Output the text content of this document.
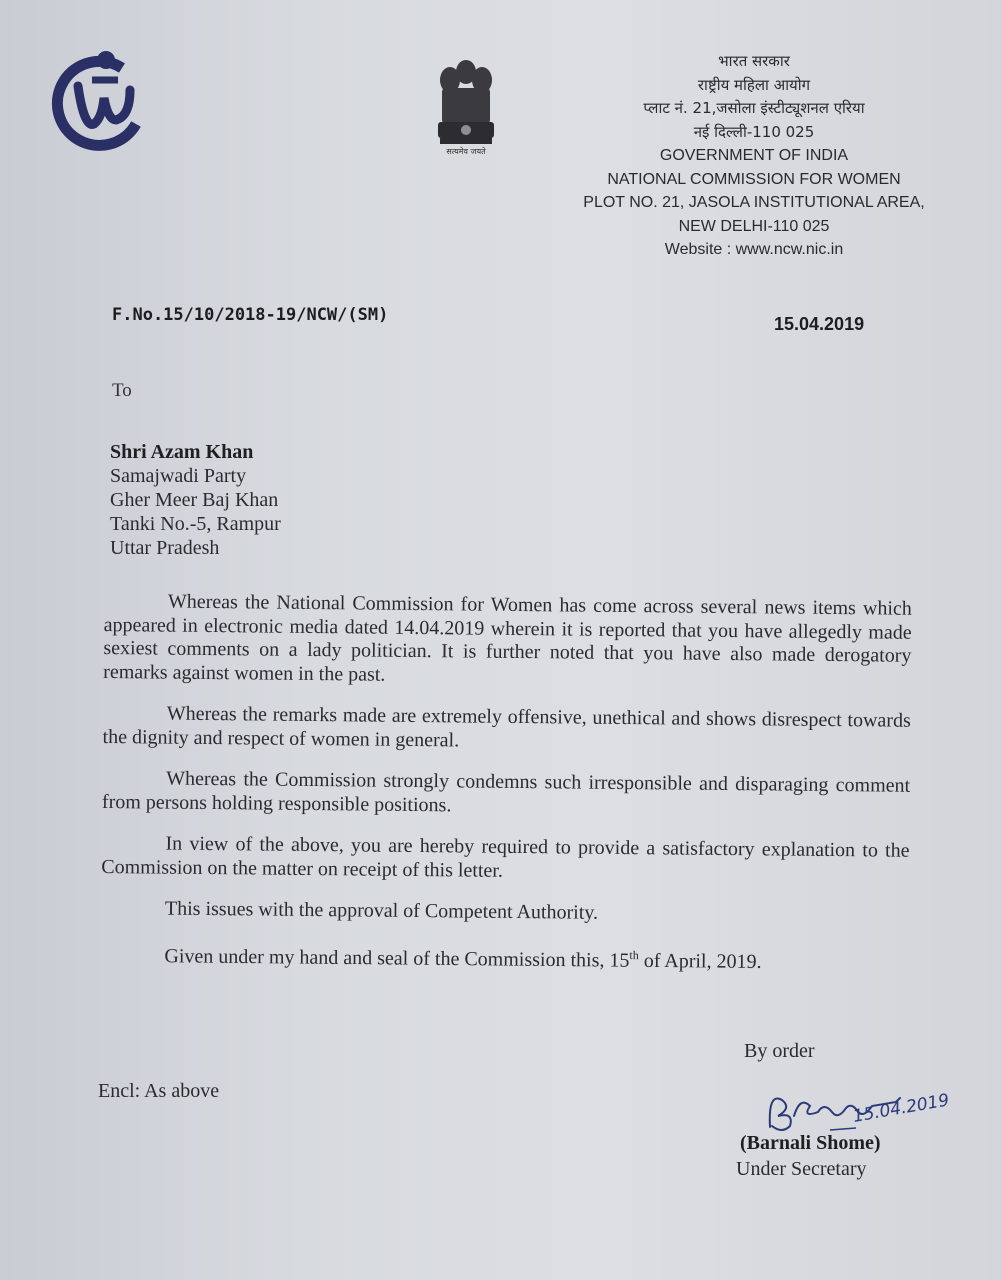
सत्यमेव जयते
भारत सरकार
राष्ट्रीय महिला आयोग
प्लाट नं. 21,जसोला इंस्टीट्यूशनल एरिया
नई दिल्ली-110 025
GOVERNMENT OF INDIA
NATIONAL COMMISSION FOR WOMEN
PLOT NO. 21, JASOLA INSTITUTIONAL AREA,
NEW DELHI-110 025
Website : www.ncw.nic.in
F.No.15/10/2018-19/NCW/(SM)	15.04.2019
To
Shri Azam Khan
Samajwadi Party
Gher Meer Baj Khan
Tanki No.-5, Rampur
Uttar Pradesh

Whereas the National Commission for Women has come across several news items which appeared in electronic media dated 14.04.2019 wherein it is reported that you have allegedly made sexiest comments on a lady politician. It is further noted that you have also made derogatory remarks against women in the past.

Whereas the remarks made are extremely offensive, unethical and shows disrespect towards the dignity and respect of women in general.

Whereas the Commission strongly condemns such irresponsible and disparaging comment from persons holding responsible positions.

In view of the above, you are hereby required to provide a satisfactory explanation to the Commission on the matter on receipt of this letter.

This issues with the approval of Competent Authority.

Given under my hand and seal of the Commission this, 15th of April, 2019.

By order
Encl: As above	15.04.2019
(Barnali Shome)
Under Secretary
